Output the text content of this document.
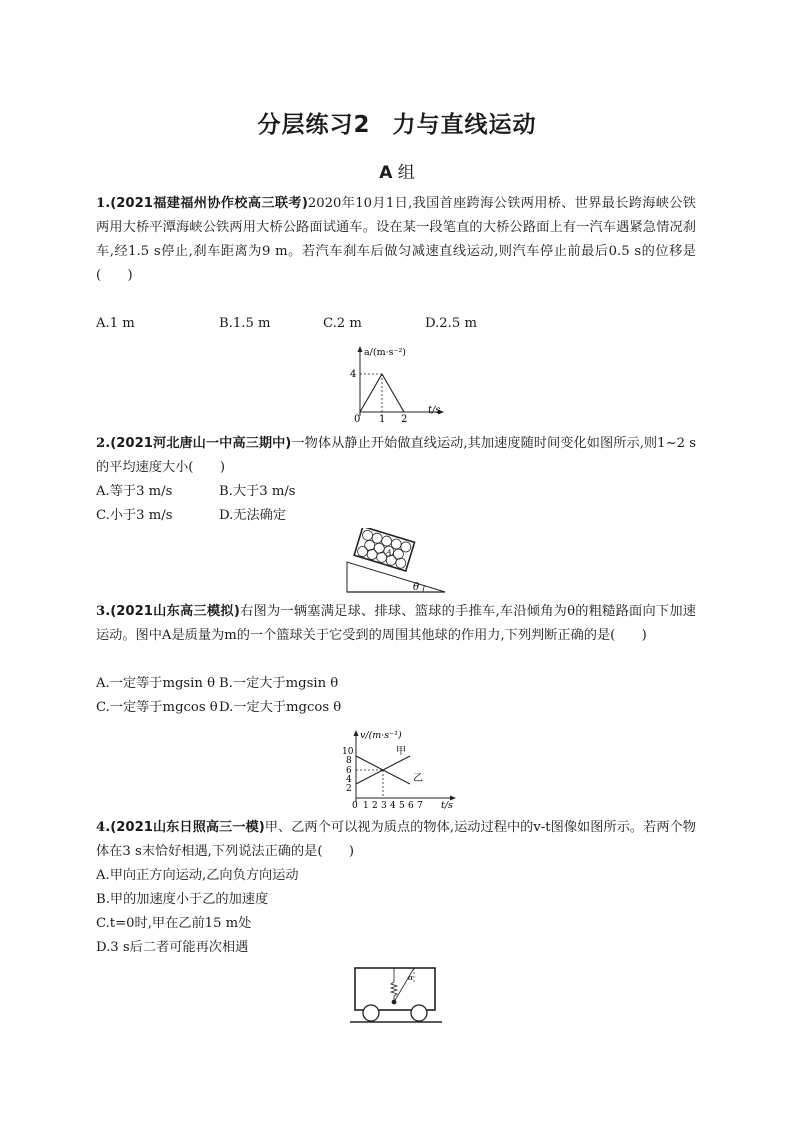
分层练习2 力与直线运动
A 组
1.(2021福建福州协作校高三联考)2020年10月1日,我国首座跨海公铁两用桥、世界最长跨海峡公铁两用大桥平潭海峡公铁两用大桥公路面试通车。设在某一段笔直的大桥公路面上有一汽车遇紧急情况刹车,经1.5 s停止,刹车距离为9 m。若汽车刹车后做匀减速直线运动,则汽车停止前最后0.5 s的位移是(　　)
A.1 m	B.1.5 m	C.2 m	D.2.5 m
a/(m·s⁻²)
4
0 1 2
t/s
2.(2021河北唐山一中高三期中)一物体从静止开始做直线运动,其加速度随时间变化如图所示,则1~2 s的平均速度大小(　　)
A.等于3 m/s	B.大于3 m/s
C.小于3 m/s	D.无法确定
θ
A
3.(2021山东高三模拟)右图为一辆塞满足球、排球、篮球的手推车,车沿倾角为θ的粗糙路面向下加速运动。图中A是质量为m的一个篮球关于它受到的周围其他球的作用力,下列判断正确的是(　　)
A.一定等于mgsin θ B.一定大于mgsin θ
C.一定等于mgcos θ D.一定大于mgcos θ
v/(m·s⁻¹)
10
8
6
4
2
0 1 2 3 4 5 6 7 t/s
甲
乙
4.(2021山东日照高三一模)甲、乙两个可以视为质点的物体,运动过程中的v-t图像如图所示。若两个物体在3 s末恰好相遇,下列说法正确的是(　　)
A.甲向正方向运动,乙向负方向运动
B.甲的加速度小于乙的加速度
C.t=0时,甲在乙前15 m处
D.3 s后二者可能再次相遇
α
